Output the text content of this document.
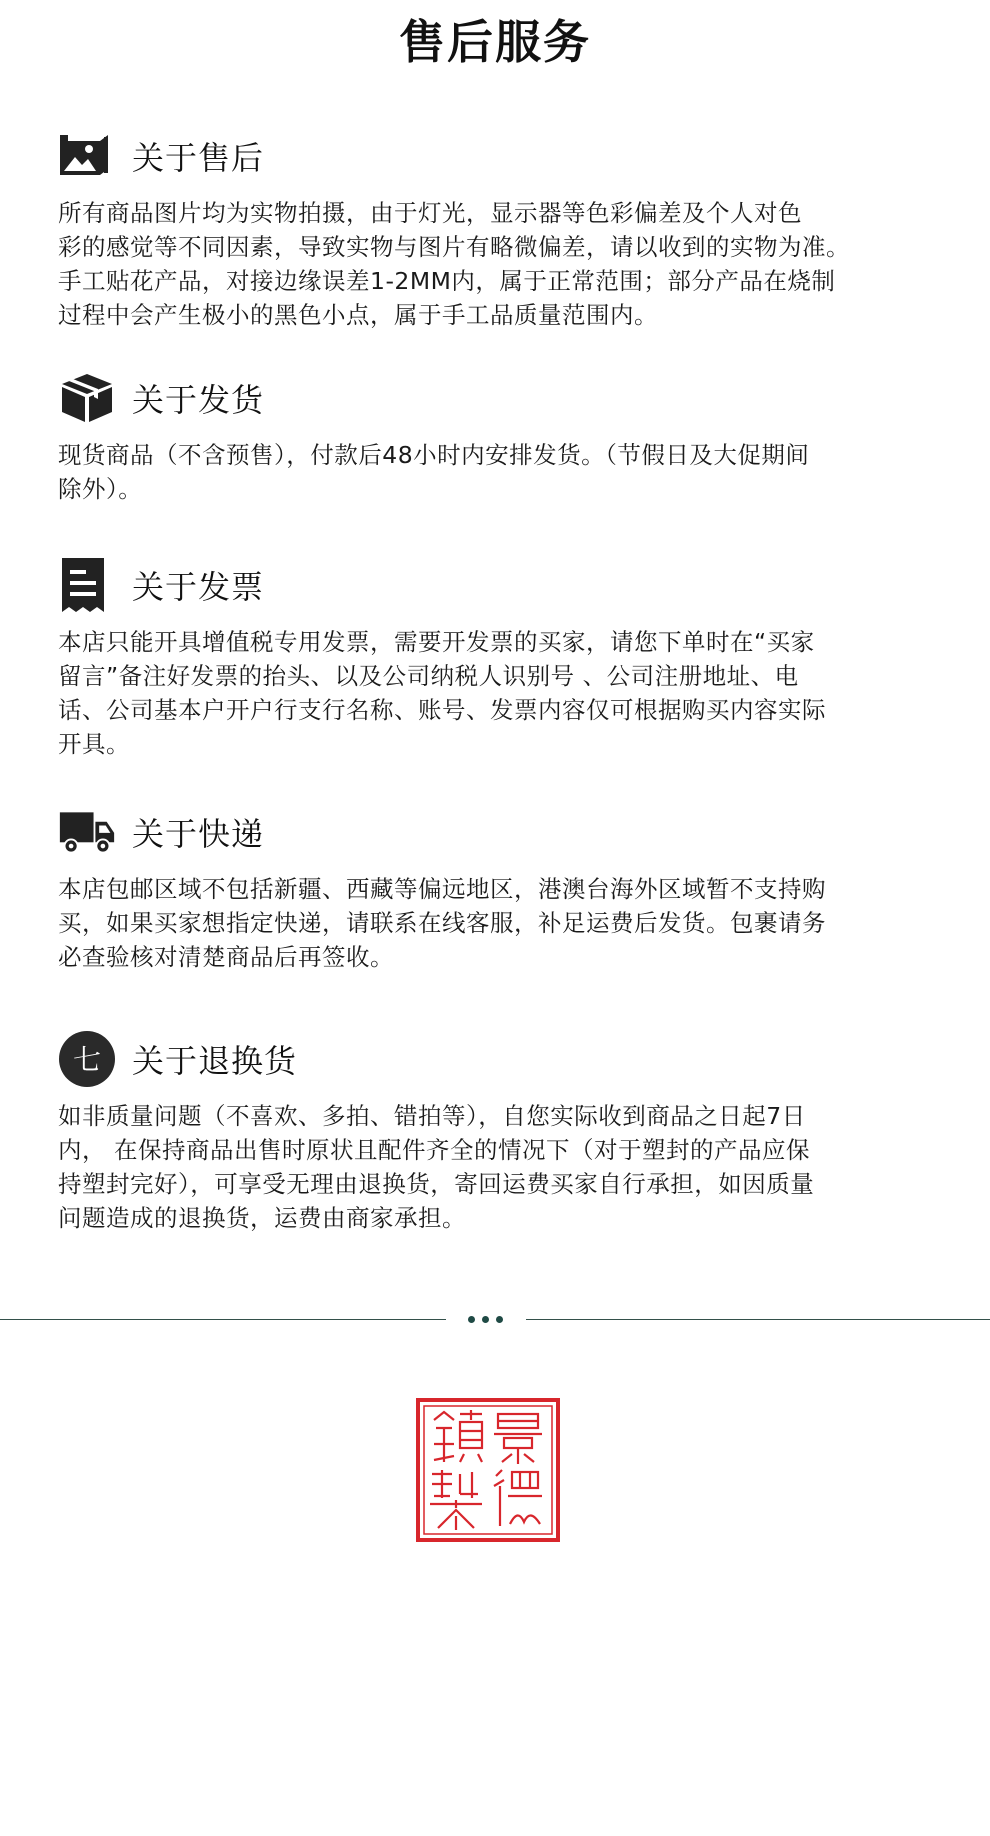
售后服务
关于售后
所有商品图片均为实物拍摄，由于灯光，显示器等色彩偏差及个人对色
彩的感觉等不同因素，导致实物与图片有略微偏差，请以收到的实物为准。
手工贴花产品，对接边缘误差1-2MM内，属于正常范围；部分产品在烧制
过程中会产生极小的黑色小点，属于手工品质量范围内。
关于发货
现货商品（不含预售），付款后48小时内安排发货。（节假日及大促期间
除外）。
关于发票
本店只能开具增值税专用发票，需要开发票的买家，请您下单时在“买家
留言”备注好发票的抬头、以及公司纳税人识别号 、公司注册地址、电
话、公司基本户开户行支行名称、账号、发票内容仅可根据购买内容实际
开具。
关于快递
本店包邮区域不包括新疆、西藏等偏远地区，港澳台海外区域暂不支持购
买，如果买家想指定快递，请联系在线客服，补足运费后发货。包裹请务
必查验核对清楚商品后再签收。
七 关于退换货
如非质量问题（不喜欢、多拍、错拍等），自您实际收到商品之日起7日
内， 在保持商品出售时原状且配件齐全的情况下（对于塑封的产品应保
持塑封完好），可享受无理由退换货，寄回运费买家自行承担，如因质量
问题造成的退换货，运费由商家承担。
